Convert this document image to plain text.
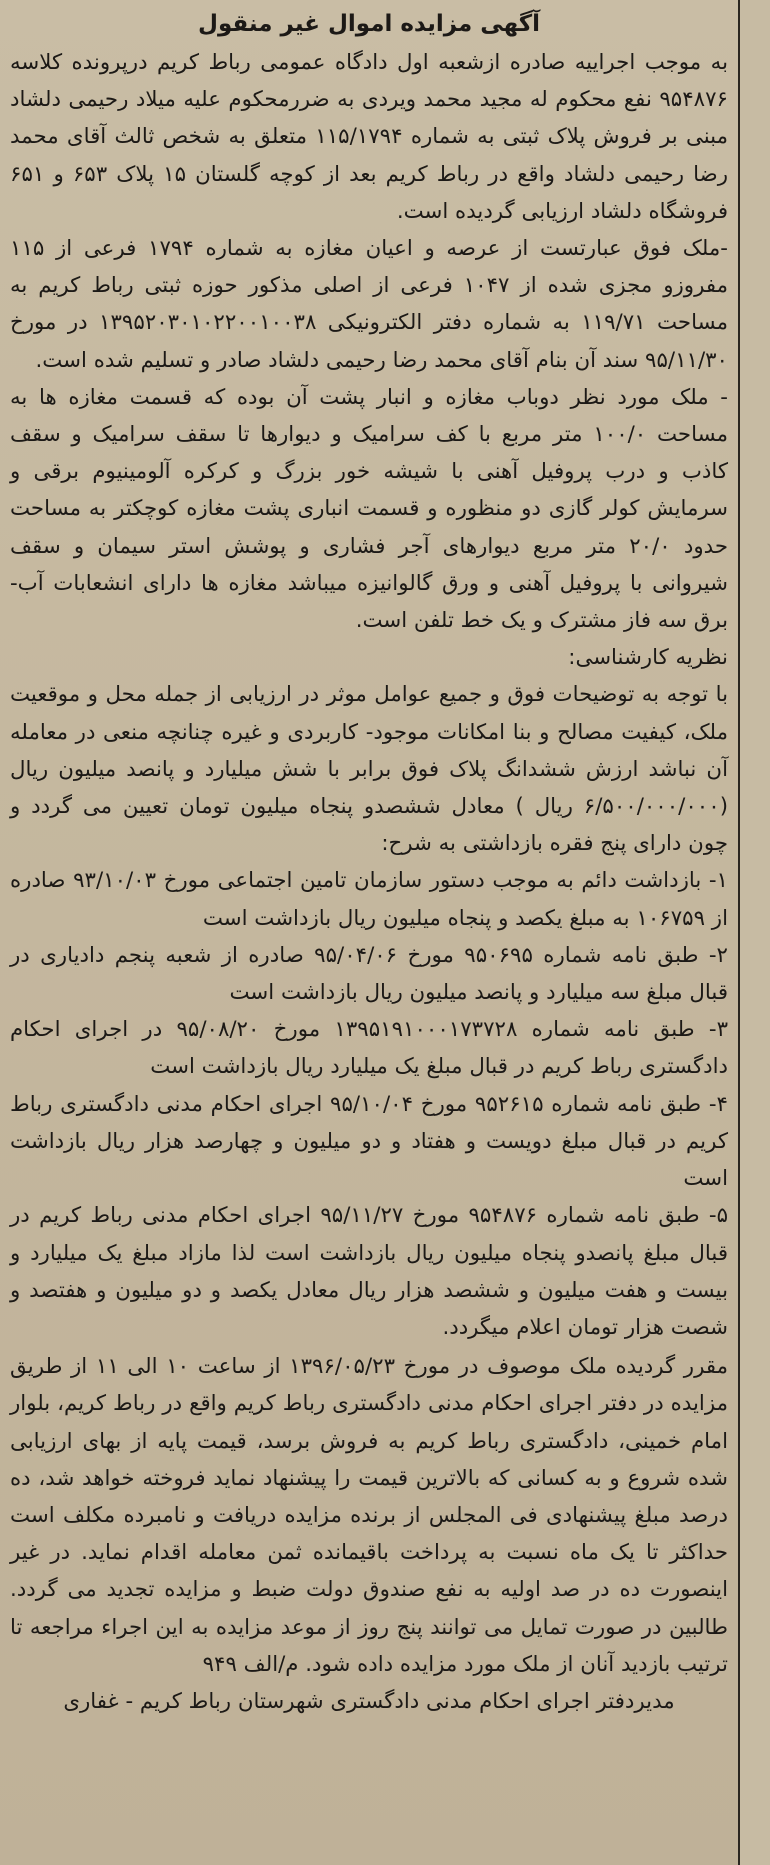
آگهی مزایده اموال غیر منقول

به موجب اجراییه صادره ازشعبه اول دادگاه عمومی رباط کریم درپرونده کلاسه ۹۵۴۸۷۶ نفع محکوم له مجید محمد ویردی به ضررمحکوم علیه میلاد رحیمی دلشاد مبنی بر فروش پلاک ثبتی به شماره ۱۱۵/۱۷۹۴ متعلق به شخص ثالث آقای محمد رضا رحیمی دلشاد واقع در رباط کریم بعد از کوچه گلستان ۱۵ پلاک ۶۵۳ و ۶۵۱ فروشگاه دلشاد ارزیابی گردیده است.

-ملک فوق عبارتست از عرصه و اعیان مغازه به شماره ۱۷۹۴ فرعی از ۱۱۵ مفروزو مجزی شده از ۱۰۴۷ فرعی از اصلی مذکور حوزه ثبتی رباط کریم به مساحت ۱۱۹/۷۱ به شماره دفتر الکترونیکی ۱۳۹۵۲۰۳۰۱۰۲۲۰۰۱۰۰۳۸ در مورخ ۹۵/۱۱/۳۰ سند آن بنام آقای محمد رضا رحیمی دلشاد صادر و تسلیم شده است.

- ملک مورد نظر دوباب مغازه و انبار پشت آن بوده که قسمت مغازه ها به مساحت ۱۰۰/۰ متر مربع با کف سرامیک و دیوارها تا سقف سرامیک و سقف کاذب و درب پروفیل آهنی با شیشه خور بزرگ و کرکره آلومینیوم برقی و سرمایش کولر گازی دو منظوره و قسمت انباری پشت مغازه کوچکتر به مساحت حدود ۲۰/۰ متر مربع دیوارهای آجر فشاری و پوشش استر سیمان و سقف شیروانی با پروفیل آهنی و ورق گالوانیزه میباشد مغازه ها دارای انشعابات آب- برق سه فاز مشترک و یک خط تلفن است.

نظریه کارشناسی:

با توجه به توضیحات فوق و جمیع عوامل موثر در ارزیابی از جمله محل و موقعیت ملک، کیفیت مصالح و بنا امکانات موجود- کاربردی و غیره چنانچه منعی در معامله آن نباشد ارزش ششدانگ پلاک فوق برابر با شش میلیارد و پانصد میلیون ریال (۶/۵۰۰/۰۰۰/۰۰۰ ریال ) معادل ششصدو پنجاه میلیون تومان تعیین می گردد و چون دارای پنج فقره بازداشتی به شرح:

۱- بازداشت دائم به موجب دستور سازمان تامین اجتماعی مورخ ۹۳/۱۰/۰۳ صادره از ۱۰۶۷۵۹ به مبلغ یکصد و پنجاه میلیون ریال بازداشت است

۲- طبق نامه شماره ۹۵۰۶۹۵ مورخ ۹۵/۰۴/۰۶ صادره از شعبه پنجم دادیاری در قبال مبلغ سه میلیارد و پانصد میلیون ریال بازداشت است

۳- طبق نامه شماره ۱۳۹۵۱۹۱۰۰۰۱۷۳۷۲۸ مورخ ۹۵/۰۸/۲۰ در اجرای احکام دادگستری رباط کریم در قبال مبلغ یک میلیارد ریال بازداشت است

۴- طبق نامه شماره ۹۵۲۶۱۵ مورخ ۹۵/۱۰/۰۴ اجرای احکام مدنی دادگستری رباط کریم در قبال مبلغ دویست و هفتاد و دو میلیون و چهارصد هزار ریال بازداشت است

۵- طبق نامه شماره ۹۵۴۸۷۶ مورخ ۹۵/۱۱/۲۷ اجرای احکام مدنی رباط کریم در قبال مبلغ پانصدو پنجاه میلیون ریال بازداشت است لذا مازاد مبلغ یک میلیارد و بیست و هفت میلیون و ششصد هزار ریال معادل یکصد و دو میلیون و هفتصد و شصت هزار تومان اعلام میگردد.

مقرر گردیده ملک موصوف در مورخ ۱۳۹۶/۰۵/۲۳ از ساعت ۱۰ الی ۱۱ از طریق مزایده در دفتر اجرای احکام مدنی دادگستری رباط کریم واقع در رباط کریم، بلوار امام خمینی، دادگستری رباط کریم به فروش برسد، قیمت پایه از بهای ارزیابی شده شروع و به کسانی که بالاترین قیمت را پیشنهاد نماید فروخته خواهد شد، ده درصد مبلغ پیشنهادی فی المجلس از برنده مزایده دریافت و نامبرده مکلف است حداکثر تا یک ماه نسبت به پرداخت باقیمانده ثمن معامله اقدام نماید. در غیر اینصورت ده در صد اولیه به نفع صندوق دولت ضبط و مزایده تجدید می گردد. طالبین در صورت تمایل می توانند پنج روز از موعد مزایده به این اجراء مراجعه تا ترتیب بازدید آنان از ملک مورد مزایده داده شود. م/الف ۹۴۹

مدیردفتر اجرای احکام مدنی دادگستری شهرستان رباط کریم - غفاری
